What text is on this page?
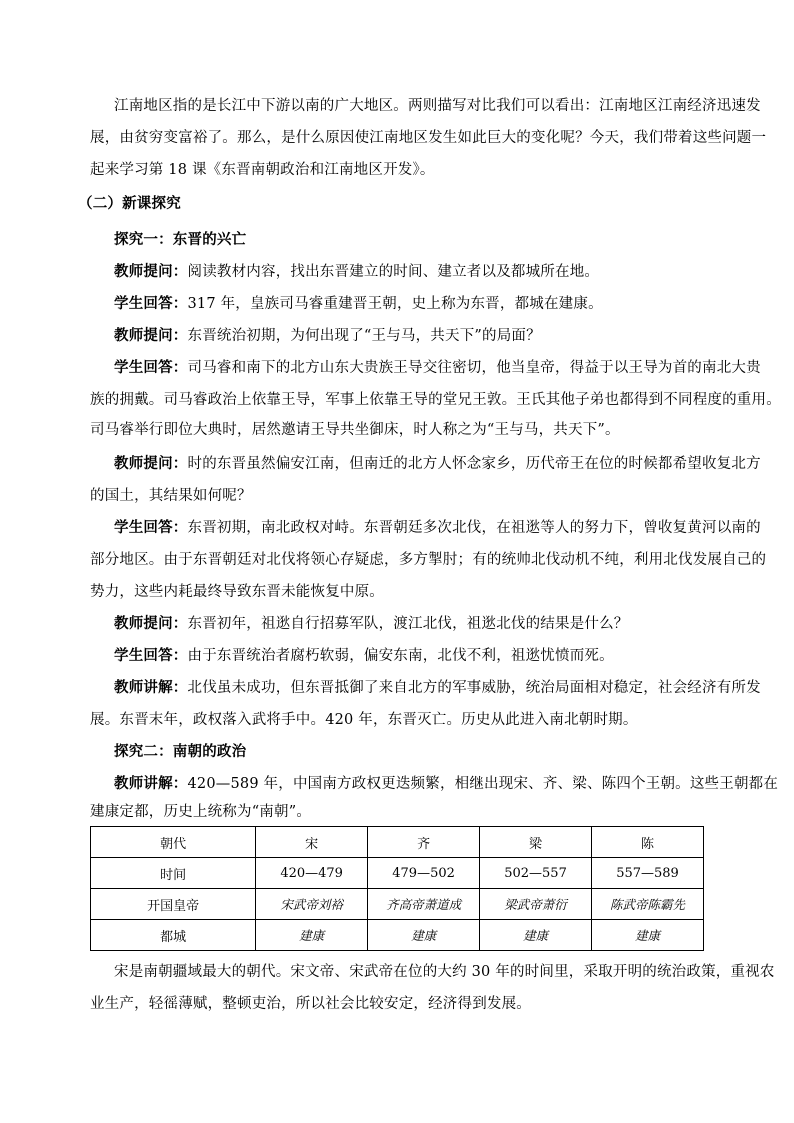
江南地区指的是长江中下游以南的广大地区。两则描写对比我们可以看出：江南地区江南经济迅速发
展，由贫穷变富裕了。那么，是什么原因使江南地区发生如此巨大的变化呢？今天，我们带着这些问题一
起来学习第 18 课《东晋南朝政治和江南地区开发》。
（二）新课探究
探究一：东晋的兴亡
教师提问：阅读教材内容，找出东晋建立的时间、建立者以及都城所在地。
学生回答：317 年，皇族司马睿重建晋王朝，史上称为东晋，都城在建康。
教师提问：东晋统治初期，为何出现了“王与马，共天下”的局面？
学生回答：司马睿和南下的北方山东大贵族王导交往密切，他当皇帝，得益于以王导为首的南北大贵
族的拥戴。司马睿政治上依靠王导，军事上依靠王导的堂兄王敦。王氏其他子弟也都得到不同程度的重用。
司马睿举行即位大典时，居然邀请王导共坐御床，时人称之为“王与马，共天下”。
教师提问：时的东晋虽然偏安江南，但南迁的北方人怀念家乡，历代帝王在位的时候都希望收复北方
的国土，其结果如何呢？
学生回答：东晋初期，南北政权对峙。东晋朝廷多次北伐，在祖逖等人的努力下，曾收复黄河以南的
部分地区。由于东晋朝廷对北伐将领心存疑虑，多方掣肘；有的统帅北伐动机不纯，利用北伐发展自己的
势力，这些内耗最终导致东晋未能恢复中原。
教师提问：东晋初年，祖逖自行招募军队，渡江北伐，祖逖北伐的结果是什么？
学生回答：由于东晋统治者腐朽软弱，偏安东南，北伐不利，祖逖忧愤而死。
教师讲解：北伐虽未成功，但东晋抵御了来自北方的军事威胁，统治局面相对稳定，社会经济有所发
展。东晋末年，政权落入武将手中。420 年，东晋灭亡。历史从此进入南北朝时期。
探究二：南朝的政治
教师讲解：420—589 年，中国南方政权更迭频繁，相继出现宋、齐、梁、陈四个王朝。这些王朝都在
建康定都，历史上统称为“南朝”。
朝代	宋	齐	梁	陈
时间	420—479	479—502	502—557	557—589
开国皇帝	宋武帝刘裕	齐高帝萧道成	梁武帝萧衍	陈武帝陈霸先
都城	建康	建康	建康	建康
宋是南朝疆域最大的朝代。宋文帝、宋武帝在位的大约 30 年的时间里，采取开明的统治政策，重视农
业生产，轻徭薄赋，整顿吏治，所以社会比较安定，经济得到发展。
